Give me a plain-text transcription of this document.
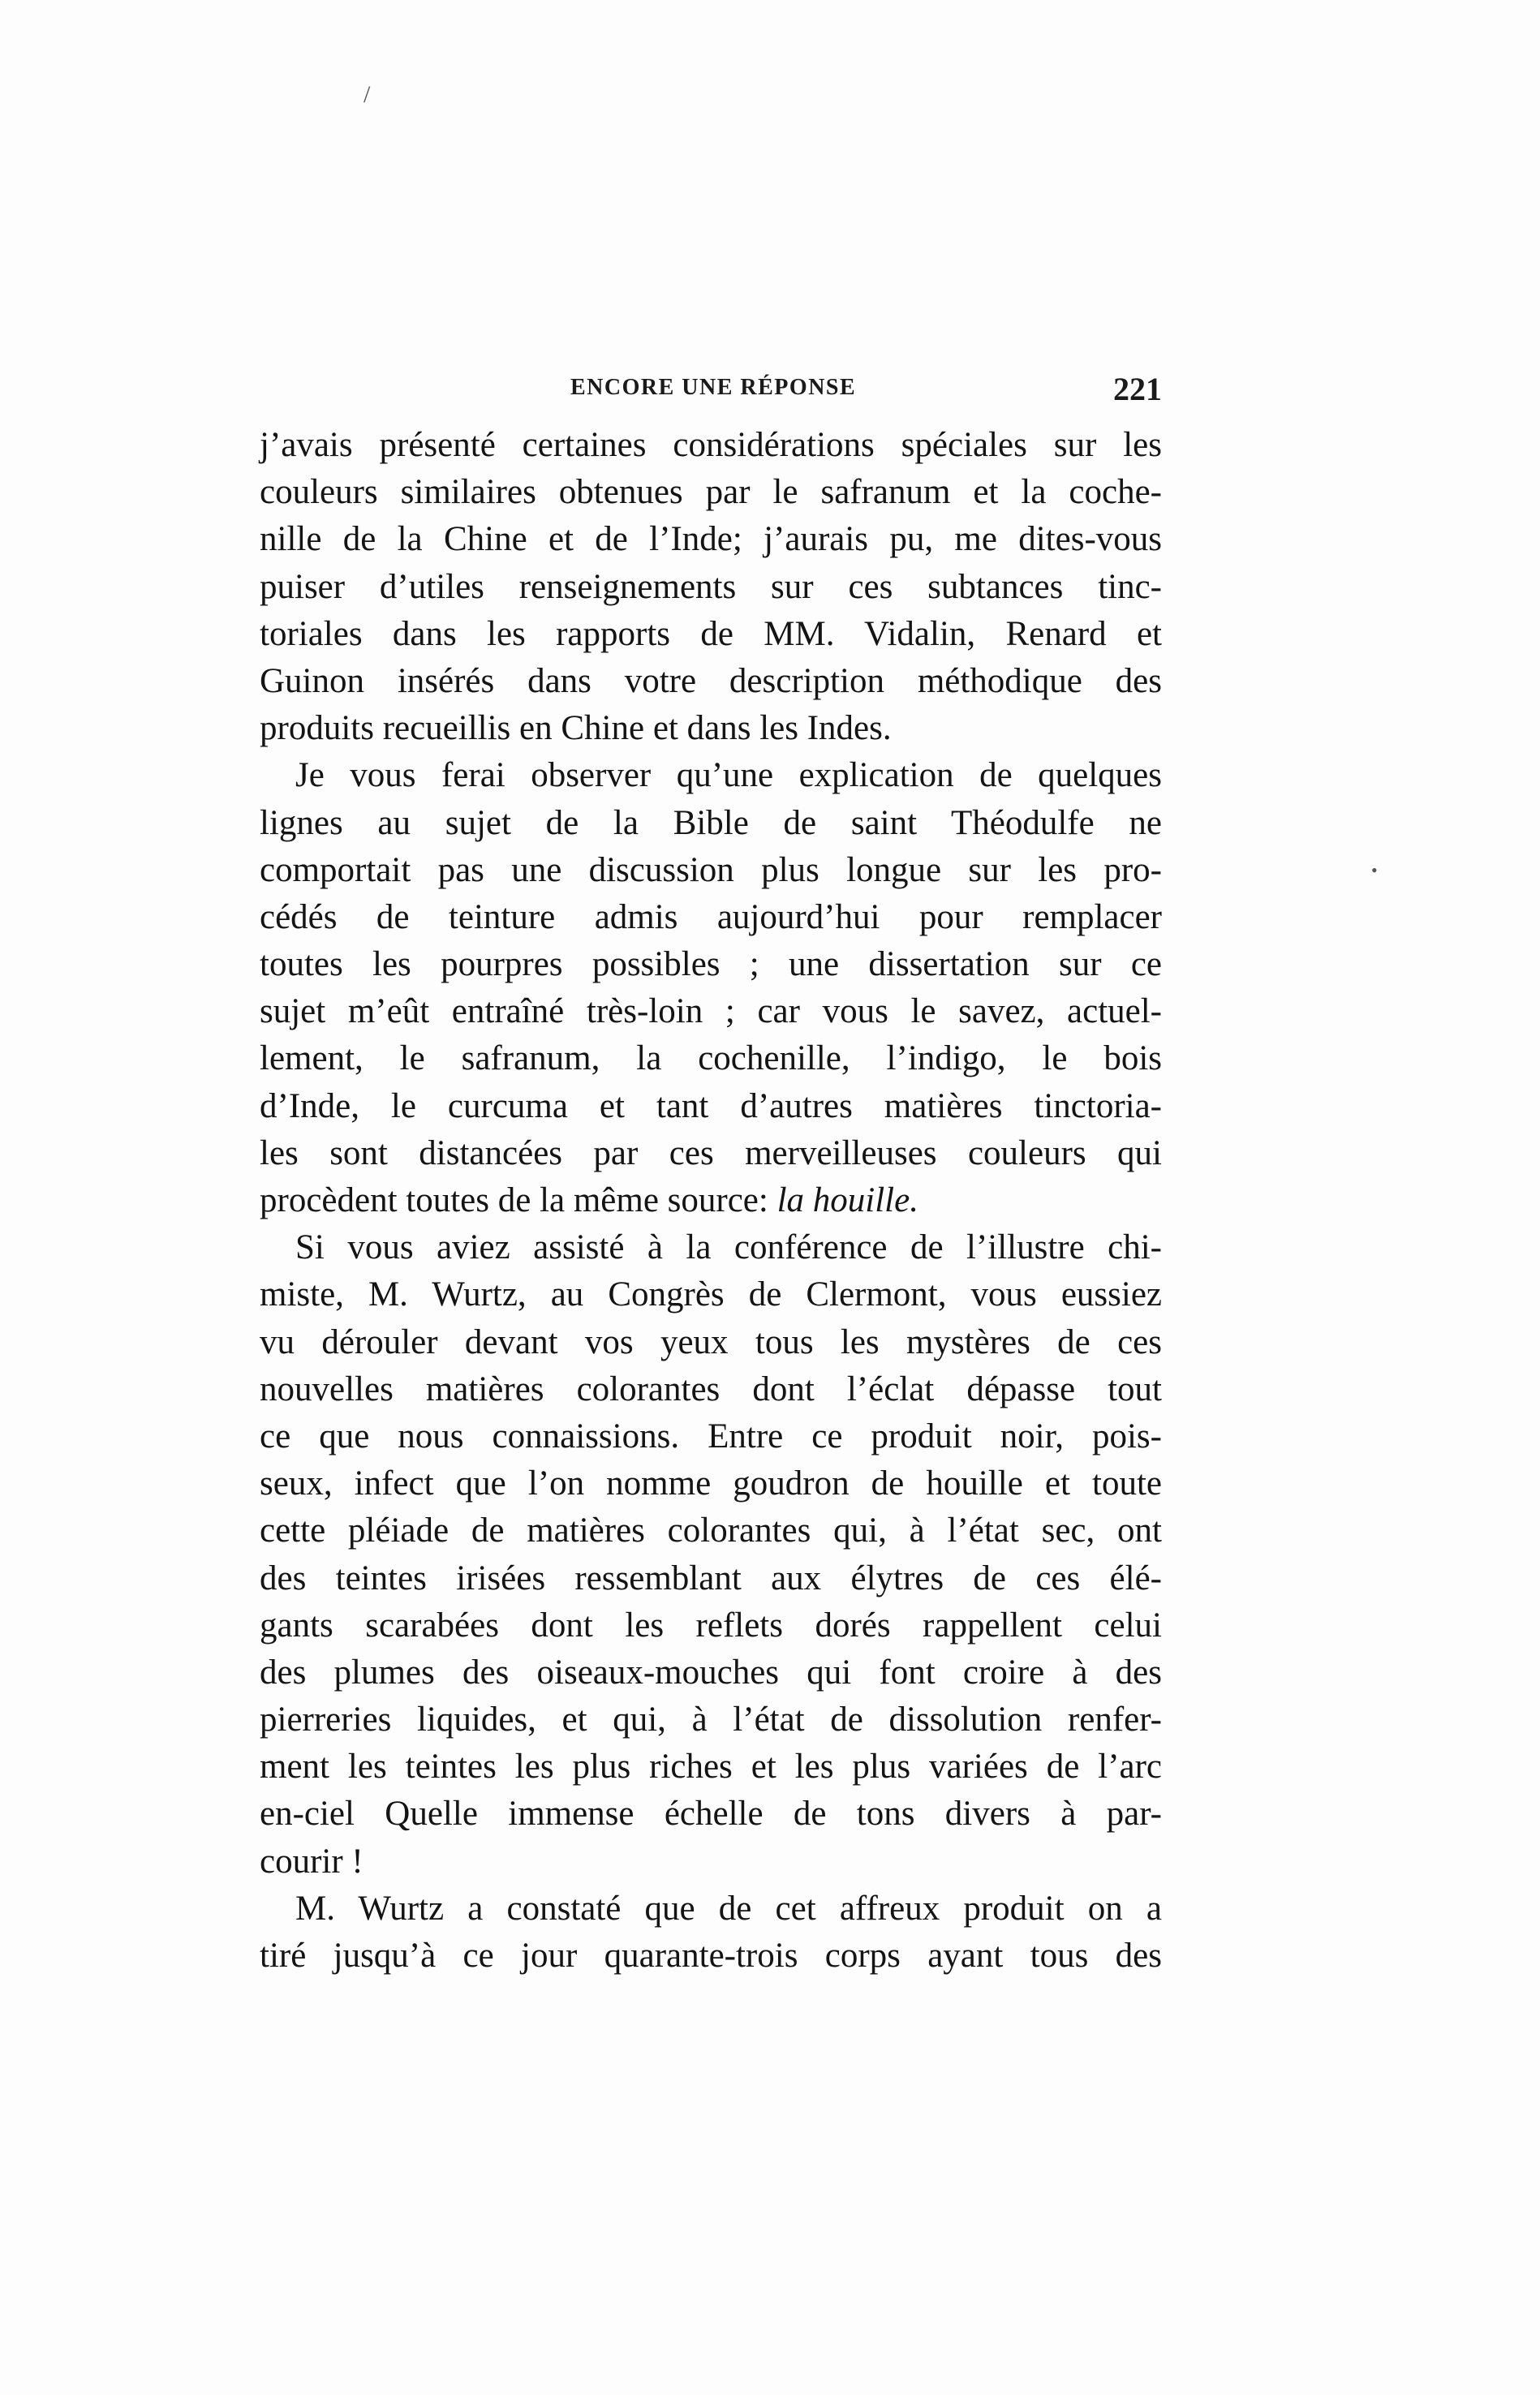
/
•
ENCORE UNE RÉPONSE	221
j’avais présenté certaines considérations spéciales sur les
couleurs similaires obtenues par le safranum et la coche-
nille de la Chine et de l’Inde; j’aurais pu, me dites-vous
puiser d’utiles renseignements sur ces subtances tinc-
toriales dans les rapports de MM. Vidalin, Renard et
Guinon insérés dans votre description méthodique des
produits recueillis en Chine et dans les Indes.
Je vous ferai observer qu’une explication de quelques
lignes au sujet de la Bible de saint Théodulfe ne
comportait pas une discussion plus longue sur les pro-
cédés de teinture admis aujourd’hui pour remplacer
toutes les pourpres possibles ; une dissertation sur ce
sujet m’eût entraîné très-loin ; car vous le savez, actuel-
lement, le safranum, la cochenille, l’indigo, le bois
d’Inde, le curcuma et tant d’autres matières tinctoria-
les sont distancées par ces merveilleuses couleurs qui
procèdent toutes de la même source: la houille.
Si vous aviez assisté à la conférence de l’illustre chi-
miste, M. Wurtz, au Congrès de Clermont, vous eussiez
vu dérouler devant vos yeux tous les mystères de ces
nouvelles matières colorantes dont l’éclat dépasse tout
ce que nous connaissions. Entre ce produit noir, pois-
seux, infect que l’on nomme goudron de houille et toute
cette pléiade de matières colorantes qui, à l’état sec, ont
des teintes irisées ressemblant aux élytres de ces élé-
gants scarabées dont les reflets dorés rappellent celui
des plumes des oiseaux-mouches qui font croire à des
pierreries liquides, et qui, à l’état de dissolution renfer-
ment les teintes les plus riches et les plus variées de l’arc
en-ciel Quelle immense échelle de tons divers à par-
courir !
M. Wurtz a constaté que de cet affreux produit on a
tiré jusqu’à ce jour quarante-trois corps ayant tous des
